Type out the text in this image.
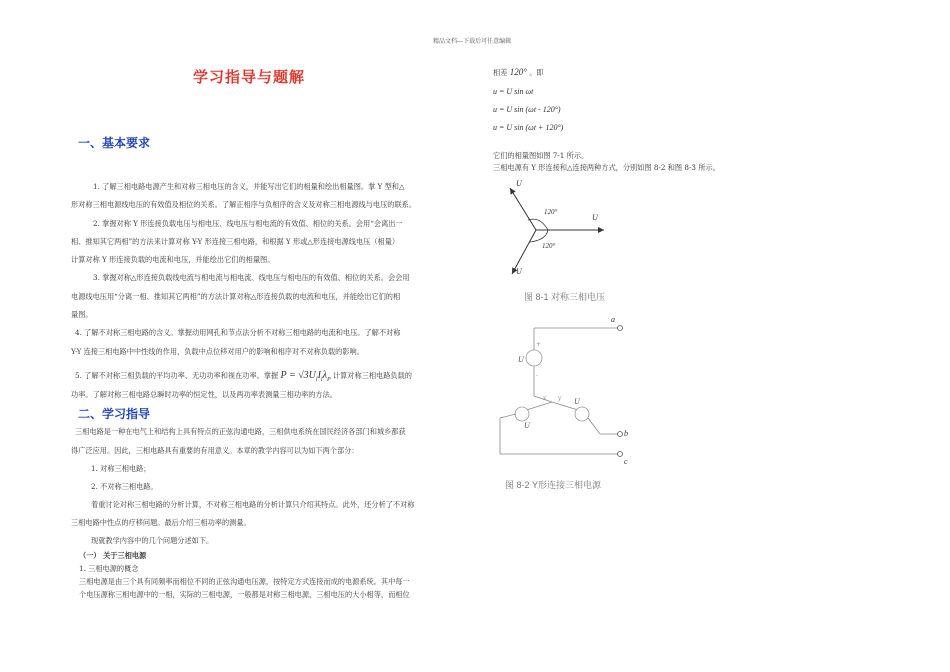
精品文档---下载后可任意编辑
学习指导与题解
一、基本要求
1. 了解三相电路电源产生和对称三相电压的含义，并能写出它们的相量和绘出相量图。掌 Y 型和△
形对称三相电源线电压的有效值及相位的关系。了解正相序与负相序的含义及对称三相电源线与电压的联系。
2. 掌握对称 Y 形连接负载电压与相电压、线电压与相电流的有效值、相位的关系。会用“会离出一
相、推知其它两相”的方法来计算对称 Y-Y 形连接三相电路，和根据 Y 形或△形连接电源线电压（相量）
计算对称 Y 形连接负载的电流和电压，并能绘出它们的相量图。
3. 掌握对称△形连接负载线电流与相电流与相电流、线电压与相电压的有效值、相位的关系。会会用
电源线电压用“分离一相、推知其它两相”的方法计算对称△形连接负载的电流和电压，并能绘出它们的相
量图。
4. 了解不对称三相电路的含义。掌握动用网孔和节点法分析不对称三相电路的电流和电压。了解不对称
Y-Y 连接三相电路中中性线的作用，负载中点位移对用户的影响和相序对不对称负载的影响。
5. 了解不对称三相负载的平均功率、无功功率和视在功率。掌握 $P = √3U_lI_l\lambda_P$ 计算对称三相电路负载的
功率。了解对称三相电路总瞬时功率的恒定性，以及两功率表测量三相功率的方法。
二、学习指导
三相电路是一种在电气上和结构上具有特点的正弦沟通电路，三相供电系统在国民经济各部门和城乡都获
得广泛应用。因此，三相电路具有重要的有用意义。本章的教学内容可以为如下两个部分：
1. 对称三相电路；
2. 不对称三相电路。
着重讨论对称三相电路的分析计算，不对称三相电路的分析计算只介绍其特点。此外，还分析了不对称
三相电路中性点的疗移问题。最后介绍三相功率的测量。
现就教学内容中的几个问题分述如下。
（一） 关于三相电源
1. 三相电源的概念
三相电源是由三个具有同频率而相位不同的正弦沟通电压源，按特定方式连接而成的电源系统。其中每一
个电压源称三相电源中的一相，实际的三相电源，一般都是对称三相电源，三相电压的大小相等，而相位
相差 120° 。即
u = U sin ωt
u = U sin (ωt - 120°)
u = U sin (ωt + 120°)
它们的相量图如图 7-1 所示。
三相电源有 Y 形连接和△连接两种方式，分别如图 8-2 和图 8-3 所示。
120°
120°
U
U
U
图 8-1 对称三相电压
+
-
x y
a
b
c
U
U
U
图 8-2 Y形连接三相电源
